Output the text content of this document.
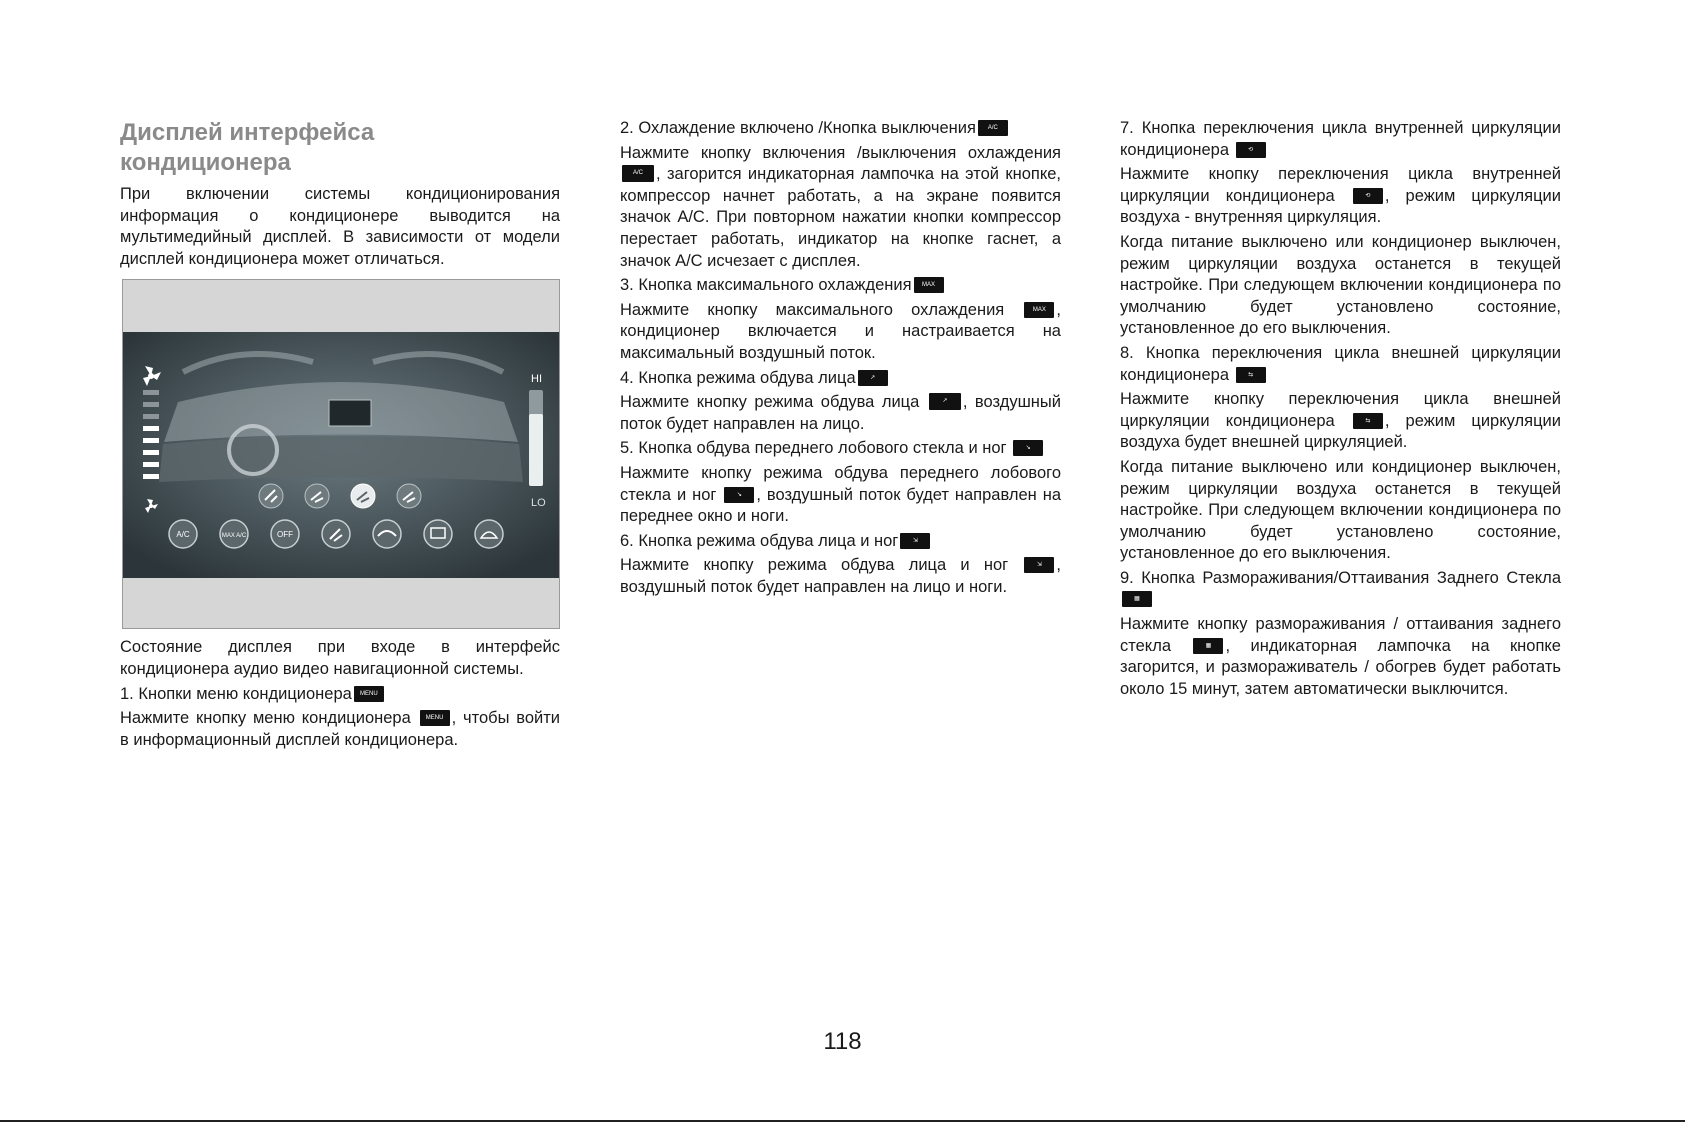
Дисплей интерфейса
кондиционера

При включении системы кондиционирования информация о кондиционере выводится на мультимедийный дисплей. В зависимости от модели дисплей кондиционера может отличаться.

HI
LO
A/C	MAX A/C	OFF

Состояние дисплея при входе в интерфейс кондиционера аудио видео навигационной системы.

1. Кнопки меню кондиционера MENU

Нажмите кнопку меню кондиционера MENU , чтобы войти в информационный дисплей кондиционера.

2. Охлаждение включено /Кнопка выключения A/C

Нажмите кнопку включения /выключения охлаждения A/C , загорится индикаторная лампочка на этой кнопке, компрессор начнет работать, а на экране появится значок A/C. При повторном нажатии кнопки компрессор перестает работать, индикатор на кнопке гаснет, а значок A/C исчезает с дисплея.

3. Кнопка максимального охлаждения MAX

Нажмите кнопку максимального охлаждения	MAX , кондиционер включается и настраивается на максимальный воздушный поток.

4. Кнопка режима обдува лица ↗

Нажмите кнопку режима обдува лица	↗ , воздушный поток будет направлен на лицо.

5. Кнопка обдува переднего лобового стекла и ног	↘

Нажмите кнопку режима обдува переднего лобового стекла и ног	↘ , воздушный поток будет направлен на переднее окно и ноги.

6. Кнопка режима обдува лица и ног ⇲

Нажмите кнопку режима обдува лица и ног	⇲ , воздушный поток будет направлен на лицо и ноги.

7. Кнопка переключения цикла внутренней циркуляции кондиционера	⟲

Нажмите кнопку переключения цикла внутренней циркуляции кондиционера	⟲ , режим циркуляции воздуха - внутренняя циркуляция.

Когда питание выключено или кондиционер выключен, режим циркуляции воздуха останется в текущей настройке. При следующем включении кондиционера по умолчанию будет установлено состояние, установленное до его выключения.

8. Кнопка переключения цикла внешней циркуляции кондиционера	⇆

Нажмите кнопку переключения цикла внешней циркуляции кондиционера	⇆ , режим циркуляции воздуха будет внешней циркуляцией.

Когда питание выключено или кондиционер выключен, режим циркуляции воздуха останется в текущей настройке. При следующем включении кондиционера по умолчанию будет установлено состояние, установленное до его выключения.

9. Кнопка Размораживания/Оттаивания Заднего Стекла▦

Нажмите кнопку размораживания / оттаивания заднего стекла	▦ , индикаторная лампочка на кнопке загорится, и размораживатель / обогрев будет работать около 15 минут, затем автоматически выключится.

118
